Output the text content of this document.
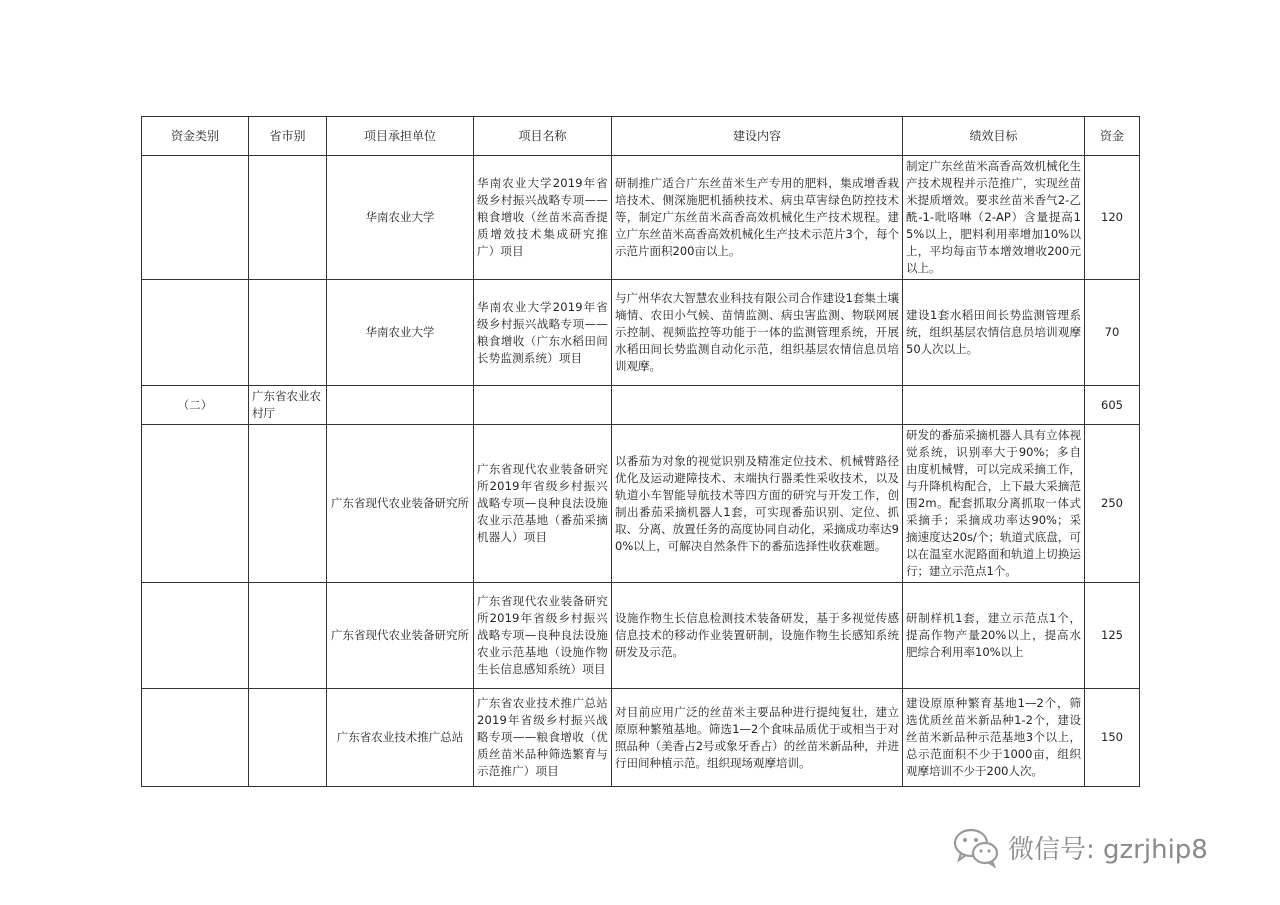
资金类别	省市别	项目承担单位	项目名称	建设内容	绩效目标	资金
		华南农业大学	华南农业大学2019年省级乡村振兴战略专项——粮食增收（丝苗米高香提质增效技术集成研究推广）项目	研制推广适合广东丝苗米生产专用的肥料，集成增香栽培技术、侧深施肥机插秧技术、病虫草害绿色防控技术等，制定广东丝苗米高香高效机械化生产技术规程。建立广东丝苗米高香高效机械化生产技术示范片3个，每个示范片面积200亩以上。	制定广东丝苗米高香高效机械化生产技术规程并示范推广，实现丝苗米提质增效。要求丝苗米香气2-乙酰-1-吡咯啉（2-AP）含量提高15%以上，肥料利用率增加10%以上，平均每亩节本增效增收200元以上。	120
		华南农业大学	华南农业大学2019年省级乡村振兴战略专项——粮食增收（广东水稻田间长势监测系统）项目	与广州华农大智慧农业科技有限公司合作建设1套集土壤墒情、农田小气候、苗情监测、病虫害监测、物联网展示控制、视频监控等功能于一体的监测管理系统，开展水稻田间长势监测自动化示范，组织基层农情信息员培训观摩。	建设1套水稻田间长势监测管理系统，组织基层农情信息员培训观摩50人次以上。	70
（二）	广东省农业农村厅					605
		广东省现代农业装备研究所	广东省现代农业装备研究所2019年省级乡村振兴战略专项—良种良法设施农业示范基地（番茄采摘机器人）项目	以番茄为对象的视觉识别及精准定位技术、机械臂路径优化及运动避障技术、末端执行器柔性采收技术，以及轨道小车智能导航技术等四方面的研究与开发工作，创制出番茄采摘机器人1套，可实现番茄识别、定位、抓取、分离、放置任务的高度协同自动化，采摘成功率达90%以上，可解决自然条件下的番茄选择性收获难题。	研发的番茄采摘机器人具有立体视觉系统，识别率大于90%；多自由度机械臂，可以完成采摘工作，与升降机构配合，上下最大采摘范围2m。配套抓取分离抓取一体式采摘手；采摘成功率达90%；采摘速度达20s/个；轨道式底盘，可以在温室水泥路面和轨道上切换运行；建立示范点1个。	250
		广东省现代农业装备研究所	广东省现代农业装备研究所2019年省级乡村振兴战略专项—良种良法设施农业示范基地（设施作物生长信息感知系统）项目	设施作物生长信息检测技术装备研发，基于多视觉传感信息技术的移动作业装置研制，设施作物生长感知系统研发及示范。	研制样机1套，建立示范点1个，提高作物产量20%以上，提高水肥综合利用率10%以上	125
		广东省农业技术推广总站	广东省农业技术推广总站2019年省级乡村振兴战略专项——粮食增收（优质丝苗米品种筛选繁育与示范推广）项目	对目前应用广泛的丝苗米主要品种进行提纯复壮，建立原原种繁殖基地。筛选1—2个食味品质优于或相当于对照品种（美香占2号或象牙香占）的丝苗米新品种，并进行田间种植示范。组织现场观摩培训。	建设原原种繁育基地1—2个，筛选优质丝苗米新品种1-2个，建设丝苗米新品种示范基地3个以上，总示范面积不少于1000亩，组织观摩培训不少于200人次。	150
微信号: gzrjhip8
